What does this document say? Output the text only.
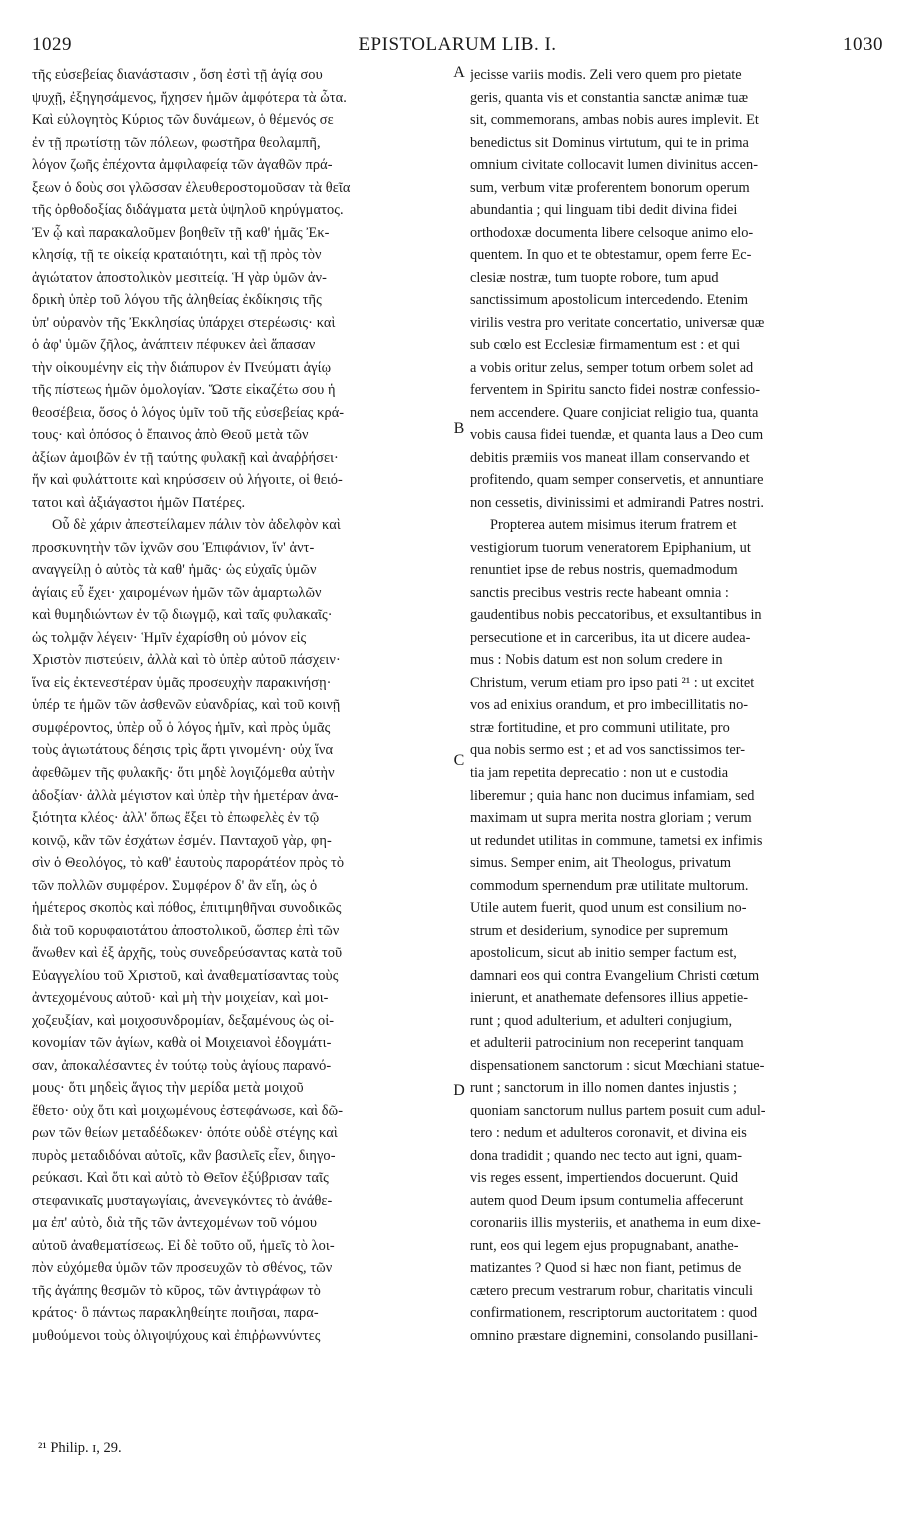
1029	EPISTOLARUM LIB. I.	1030
τῆς εὐσεβείας διανάστασιν , ὅση ἐστὶ τῇ ἁγίᾳ σου
ψυχῇ, ἐξηγησάμενος, ἤχησεν ἡμῶν ἀμφότερα τὰ ὦτα.
Καὶ εὐλογητὸς Κύριος τῶν δυνάμεων, ὁ θέμενός σε
ἐν τῇ πρωτίστῃ τῶν πόλεων, φωστῆρα θεολαμπῆ,
λόγον ζωῆς ἐπέχοντα ἀμφιλαφείᾳ τῶν ἀγαθῶν πρά-
ξεων ὁ δοὺς σοι γλῶσσαν ἐλευθεροστομοῦσαν τὰ θεῖα
τῆς ὀρθοδοξίας διδάγματα μετὰ ὑψηλοῦ κηρύγματος.
Ἐν ᾧ καὶ παρακαλοῦμεν βοηθεῖν τῇ καθ' ἡμᾶς Ἐκ-
κλησίᾳ, τῇ τε οἰκείᾳ κραταιότητι, καὶ τῇ πρὸς τὸν
ἁγιώτατον ἀποστολικὸν μεσιτείᾳ. Ἡ γὰρ ὑμῶν ἀν-
δρικὴ ὑπὲρ τοῦ λόγου τῆς ἀληθείας ἐκδίκησις τῆς
ὑπ' οὐρανὸν τῆς Ἐκκλησίας ὑπάρχει στερέωσις· καὶ
ὁ ἀφ' ὑμῶν ζῆλος, ἀνάπτειν πέφυκεν ἀεὶ ἅπασαν
τὴν οἰκουμένην εἰς τὴν διάπυρον ἐν Πνεύματι ἁγίῳ
τῆς πίστεως ἡμῶν ὁμολογίαν. Ὥστε εἰκαζέτω σου ἡ
θεοσέβεια, ὅσος ὁ λόγος ὑμῖν τοῦ τῆς εὐσεβείας κρά-
τους· καὶ ὁπόσος ὁ ἔπαινος ἀπὸ Θεοῦ μετὰ τῶν
ἀξίων ἀμοιβῶν ἐν τῇ ταύτης φυλακῇ καὶ ἀναῤῥήσει·
ἥν καὶ φυλάττοιτε καὶ κηρύσσειν οὐ λήγοιτε, οἱ θειό-
τατοι καὶ ἀξιάγαστοι ἡμῶν Πατέρες.
Οὗ δὲ χάριν ἀπεστείλαμεν πάλιν τὸν ἀδελφὸν καὶ
προσκυνητὴν τῶν ἰχνῶν σου Ἐπιφάνιον, ἵν' ἀντ-
αναγγείλῃ ὁ αὐτὸς τὰ καθ' ἡμᾶς· ὡς εὐχαῖς ὑμῶν
ἁγίαις εὖ ἔχει· χαιρομένων ἡμῶν τῶν ἁμαρτωλῶν
καὶ θυμηδιώντων ἐν τῷ διωγμῷ, καὶ ταῖς φυλακαῖς·
ὡς τολμᾷν λέγειν· Ἡμῖν ἐχαρίσθη οὐ μόνον εἰς
Χριστὸν πιστεύειν, ἀλλὰ καὶ τὸ ὑπὲρ αὐτοῦ πάσχειν·
ἵνα εἰς ἐκτενεστέραν ὑμᾶς προσευχὴν παρακινήσῃ·
ὑπέρ τε ἡμῶν τῶν ἀσθενῶν εὐανδρίας, καὶ τοῦ κοινῇ
συμφέροντος, ὑπὲρ οὗ ὁ λόγος ἡμῖν, καὶ πρὸς ὑμᾶς
τοὺς ἁγιωτάτους δέησις τρὶς ἄρτι γινομένη· οὐχ ἵνα
ἀφεθῶμεν τῆς φυλακῆς· ὅτι μηδὲ λογιζόμεθα αὐτὴν
ἀδοξίαν· ἀλλὰ μέγιστον καὶ ὑπὲρ τὴν ἡμετέραν ἀνα-
ξιότητα κλέος· ἀλλ' ὅπως ἔξει τὸ ἐπωφελὲς ἐν τῷ
κοινῷ, κἂν τῶν ἐσχάτων ἐσμέν. Πανταχοῦ γὰρ, φη-
σὶν ὁ Θεολόγος, τὸ καθ' ἑαυτοὺς παροράτέον πρὸς τὸ
τῶν πολλῶν συμφέρον. Συμφέρον δ' ἂν εἴη, ὡς ὁ
ἡμέτερος σκοπὸς καὶ πόθος, ἐπιτιμηθῆναι συνοδικῶς
διὰ τοῦ κορυφαιοτάτου ἀποστολικοῦ, ὥσπερ ἐπὶ τῶν
ἄνωθεν καὶ ἐξ ἀρχῆς, τοὺς συνεδρεύσαντας κατὰ τοῦ
Εὐαγγελίου τοῦ Χριστοῦ, καὶ ἀναθεματίσαντας τοὺς
ἀντεχομένους αὐτοῦ· καὶ μὴ τὴν μοιχείαν, καὶ μοι-
χοζευξίαν, καὶ μοιχοσυνδρομίαν, δεξαμένους ὡς οἰ-
κονομίαν τῶν ἁγίων, καθὰ οἱ Μοιχειανοὶ ἐδογμάτι-
σαν, ἀποκαλέσαντες ἐν τούτῳ τοὺς ἁγίους παρανό-
μους· ὅτι μηδεὶς ἅγιος τὴν μερίδα μετὰ μοιχοῦ
ἔθετο· οὐχ ὅτι καὶ μοιχωμένους ἐστεφάνωσε, καὶ δῶ-
ρων τῶν θείων μεταδέδωκεν· ὁπότε οὐδὲ στέγης καὶ
πυρὸς μεταδιδόναι αὐτοῖς, κἂν βασιλεῖς εἶεν, διηγο-
ρεύκασι. Καὶ ὅτι καὶ αὐτὸ τὸ Θεῖον ἐξύβρισαν ταῖς
στεφανικαῖς μυσταγωγίαις, ἀνενεγκόντες τὸ ἀνάθε-
μα ἐπ' αὐτὸ, διὰ τῆς τῶν ἀντεχομένων τοῦ νόμου
αὐτοῦ ἀναθεματίσεως. Εἰ δὲ τοῦτο οὔ, ἡμεῖς τὸ λοι-
πὸν εὐχόμεθα ὑμῶν τῶν προσευχῶν τὸ σθένος, τῶν
τῆς ἀγάπης θεσμῶν τὸ κῦρος, τῶν ἀντιγράφων τὸ
κράτος· ὃ πάντως παρακληθείητε ποιῆσαι, παρα-
μυθούμενοι τοὺς ὀλιγοψύχους καὶ ἐπιῤῥωννύντες
jecisse variis modis. Zeli vero quem pro pietate
geris, quanta vis et constantia sanctæ animæ tuæ
sit, commemorans, ambas nobis aures implevit. Et
benedictus sit Dominus virtutum, qui te in prima
omnium civitate collocavit lumen divinitus accen-
sum, verbum vitæ proferentem bonorum operum
abundantia ; qui linguam tibi dedit divina fidei
orthodoxæ documenta libere celsoque animo elo-
quentem. In quo et te obtestamur, opem ferre Ec-
clesiæ nostræ, tum tuopte robore, tum apud
sanctissimum apostolicum intercedendo. Etenim
virilis vestra pro veritate concertatio, universæ quæ
sub cœlo est Ecclesiæ firmamentum est : et qui
a vobis oritur zelus, semper totum orbem solet ad
ferventem in Spiritu sancto fidei nostræ confessio-
nem accendere. Quare conjiciat religio tua, quanta
vobis causa fidei tuendæ, et quanta laus a Deo cum
debitis præmiis vos maneat illam conservando et
profitendo, quam semper conservetis, et annuntiare
non cessetis, divinissimi et admirandi Patres nostri.
Propterea autem misimus iterum fratrem et
vestigiorum tuorum veneratorem Epiphanium, ut
renuntiet ipse de rebus nostris, quemadmodum
sanctis precibus vestris recte habeant omnia :
gaudentibus nobis peccatoribus, et exsultantibus in
persecutione et in carceribus, ita ut dicere audea-
mus : Nobis datum est non solum credere in
Christum, verum etiam pro ipso pati ²¹ : ut excitet
vos ad enixius orandum, et pro imbecillitatis no-
stræ fortitudine, et pro communi utilitate, pro
qua nobis sermo est ; et ad vos sanctissimos ter-
tia jam repetita deprecatio : non ut e custodia
liberemur ; quia hanc non ducimus infamiam, sed
maximam ut supra merita nostra gloriam ; verum
ut redundet utilitas in commune, tametsi ex infimis
simus. Semper enim, ait Theologus, privatum
commodum spernendum præ utilitate multorum.
Utile autem fuerit, quod unum est consilium no-
strum et desiderium, synodice per supremum
apostolicum, sicut ab initio semper factum est,
damnari eos qui contra Evangelium Christi cœtum
inierunt, et anathemate defensores illius appetie-
runt ; quod adulterium, et adulteri conjugium,
et adulterii patrocinium non receperint tanquam
dispensationem sanctorum : sicut Mœchiani statue-
runt ; sanctorum in illo nomen dantes injustis ;
quoniam sanctorum nullus partem posuit cum adul-
tero : nedum et adulteros coronavit, et divina eis
dona tradidit ; quando nec tecto aut igni, quam-
vis reges essent, impertiendos docuerunt. Quid
autem quod Deum ipsum contumelia affecerunt
coronariis illis mysteriis, et anathema in eum dixe-
runt, eos qui legem ejus propugnabant, anathe-
matizantes ? Quod si hæc non fiant, petimus de
cætero precum vestrarum robur, charitatis vinculi
confirmationem, rescriptorum auctoritatem : quod
omnino præstare dignemini, consolando pusillani-
A
B
C
D
²¹ Philip. ɪ, 29.
